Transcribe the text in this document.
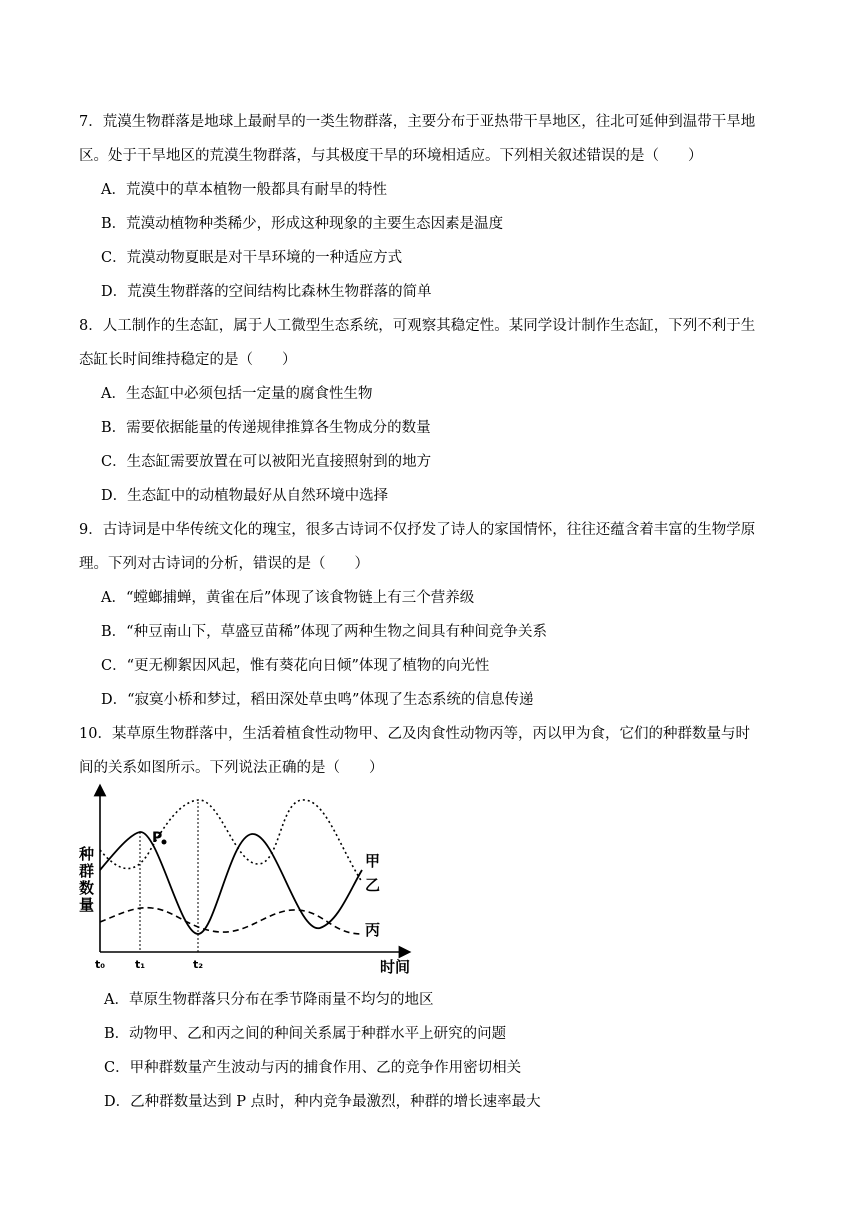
7．荒漠生物群落是地球上最耐旱的一类生物群落，主要分布于亚热带干旱地区，往北可延伸到温带干旱地
区。处于干旱地区的荒漠生物群落，与其极度干旱的环境相适应。下列相关叙述错误的是（　　）
A．荒漠中的草本植物一般都具有耐旱的特性
B．荒漠动植物种类稀少，形成这种现象的主要生态因素是温度
C．荒漠动物夏眠是对干旱环境的一种适应方式
D．荒漠生物群落的空间结构比森林生物群落的简单
8．人工制作的生态缸，属于人工微型生态系统，可观察其稳定性。某同学设计制作生态缸，下列不利于生
态缸长时间维持稳定的是（　　）
A．生态缸中必须包括一定量的腐食性生物
B．需要依据能量的传递规律推算各生物成分的数量
C．生态缸需要放置在可以被阳光直接照射到的地方
D．生态缸中的动植物最好从自然环境中选择
9．古诗词是中华传统文化的瑰宝，很多古诗词不仅抒发了诗人的家国情怀，往往还蕴含着丰富的生物学原
理。下列对古诗词的分析，错误的是（　　）
A．“螳螂捕蝉，黄雀在后”体现了该食物链上有三个营养级
B．“种豆南山下，草盛豆苗稀”体现了两种生物之间具有种间竞争关系
C．“更无柳絮因风起，惟有葵花向日倾”体现了植物的向光性
D．“寂寞小桥和梦过，稻田深处草虫鸣”体现了生态系统的信息传递
10．某草原生物群落中，生活着植食性动物甲、乙及肉食性动物丙等，丙以甲为食，它们的种群数量与时
间的关系如图所示。下列说法正确的是（　　）
P
种群数量
时间
t₀	t₁	t₂
甲
乙
丙
A．草原生物群落只分布在季节降雨量不均匀的地区
B．动物甲、乙和丙之间的种间关系属于种群水平上研究的问题
C．甲种群数量产生波动与丙的捕食作用、乙的竞争作用密切相关
D．乙种群数量达到 P 点时，种内竞争最激烈，种群的增长速率最大
